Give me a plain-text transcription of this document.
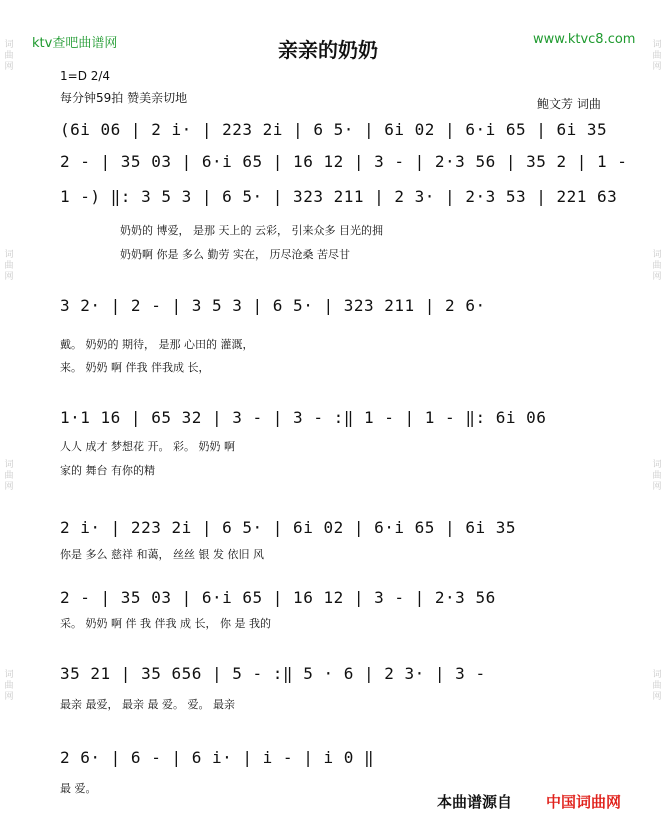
ktv查吧曲谱网	www.ktvc8.com
亲亲的奶奶
1=D 2/4
每分钟59拍 赞美亲切地	鲍文芳 词曲
词曲网
词曲网
词曲网
词曲网
词曲网
词曲网
词曲网
词曲网
(6i 06 | 2 i· | 223 2i | 6 5· | 6i 02 | 6·i 65 | 6i 35
2 - | 35 03 | 6·i 65 | 16 12 | 3 - | 2·3 56 | 35 2 | 1 -
1 -) ‖: 3 5 3 | 6 5· | 323 211 | 2 3· | 2·3 53 | 221 63
奶奶的 博爱， 是那 天上的 云彩， 引来众多 目光的拥
奶奶啊 你是 多么 勤劳 实在， 历尽沧桑 苦尽甘
3 2· | 2 - | 3 5 3 | 6 5· | 323 211 | 2 6·
戴。 奶奶的 期待， 是那 心田的 灌溉，
来。 奶奶 啊 伴我 伴我成 长，
1·1 16 | 65 32 | 3 - | 3 - :‖ 1 - | 1 - ‖: 6i 06
人人 成才 梦想花 开。 彩。 奶奶 啊
家的 舞台 有你的精
2 i· | 223 2i | 6 5· | 6i 02 | 6·i 65 | 6i 35
你是 多么 慈祥 和蔼， 丝丝 银 发 依旧 风
2 - | 35 03 | 6·i 65 | 16 12 | 3 - | 2·3 56
采。 奶奶 啊 伴 我 伴我 成 长， 你 是 我的
35 21 | 35 656 | 5 - :‖ 5 · 6 | 2 3· | 3 -
最亲 最爱， 最亲 最 爱。 爱。 最亲
2 6· | 6 - | 6 i· | i - | i 0 ‖
最 爱。
本曲谱源自 中国词曲网
